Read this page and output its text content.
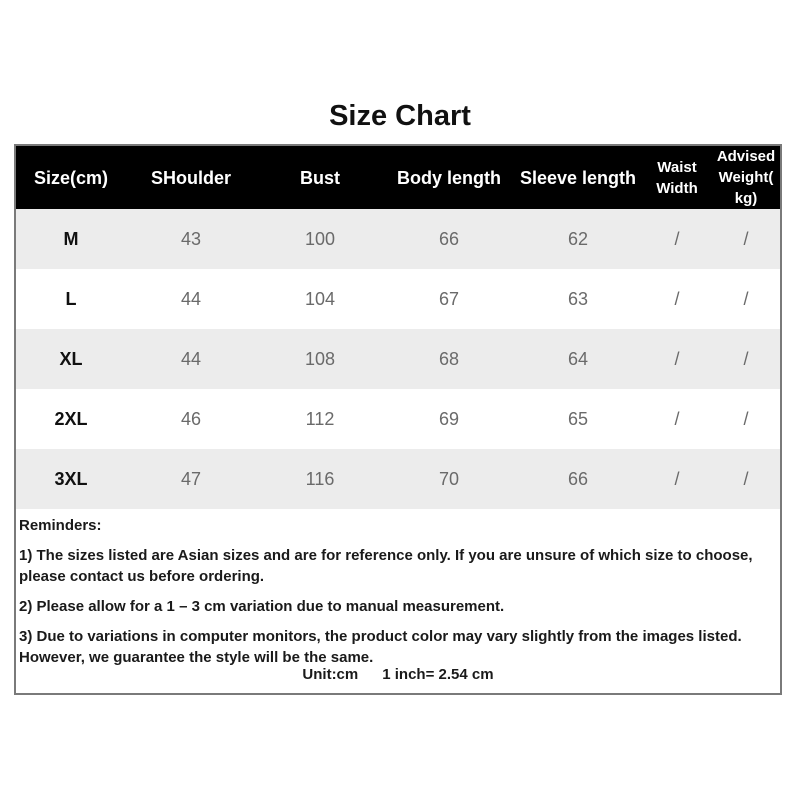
Size Chart
Size(cm)	SHoulder	Bust	Body length	Sleeve length	Waist Width	Advised Weight( kg)
M	43	100	66	62	/	/
L	44	104	67	63	/	/
XL	44	108	68	64	/	/
2XL	46	112	69	65	/	/
3XL	47	116	70	66	/	/
Reminders:
1) The sizes listed are Asian sizes and are for reference only. If you are unsure of which size to choose, please contact us before ordering.
2) Please allow for a 1 – 3 cm variation due to manual measurement.
3) Due to variations in computer monitors, the product color may vary slightly from the images listed. However, we guarantee the style will be the same.
Unit:cm 1 inch= 2.54 cm
